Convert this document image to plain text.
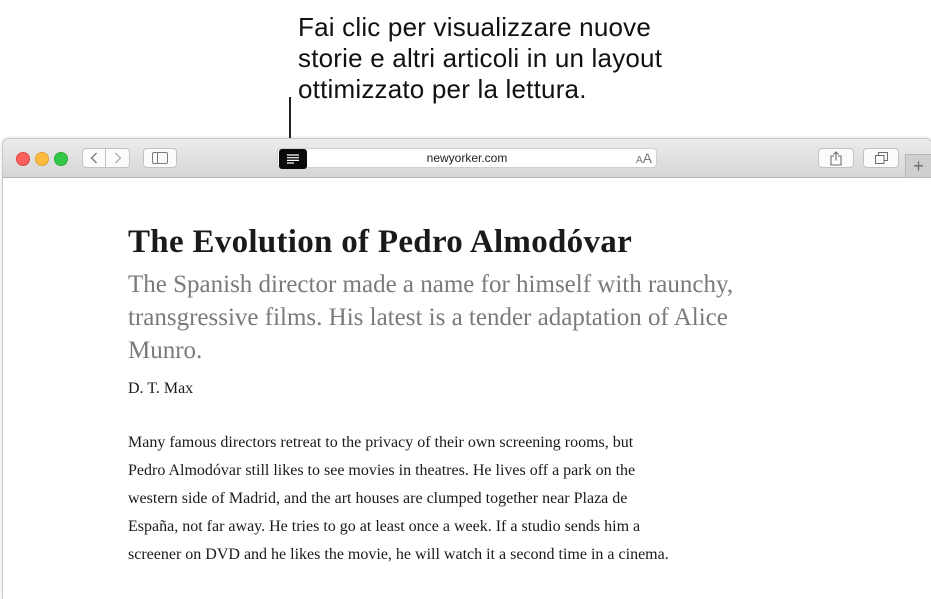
Fai clic per visualizzare nuove
storie e altri articoli in un layout
ottimizzato per la lettura.
newyorker.com	AA	+
The Evolution of Pedro Almodóvar

The Spanish director made a name for himself with raunchy, transgressive films. His latest is a tender adaptation of Alice Munro.

D. T. Max

Many famous directors retreat to the privacy of their own screening rooms, but
Pedro Almodóvar still likes to see movies in theatres. He lives off a park on the
western side of Madrid, and the art houses are clumped together near Plaza de
España, not far away. He tries to go at least once a week. If a studio sends him a
screener on DVD and he likes the movie, he will watch it a second time in a cinema.
